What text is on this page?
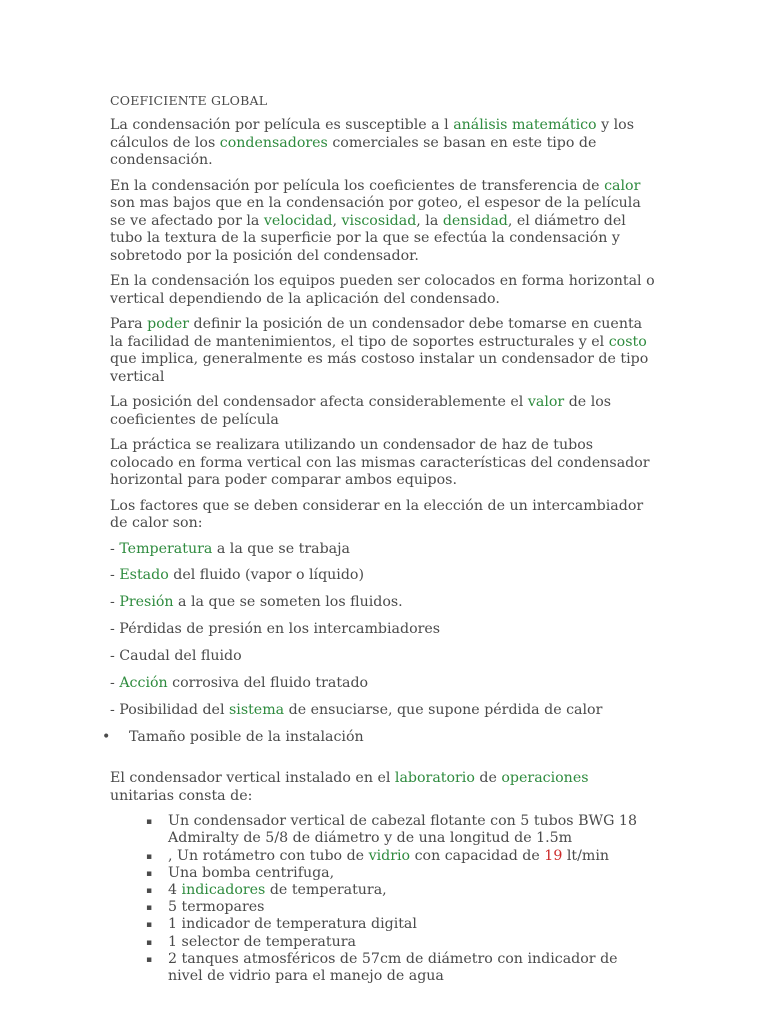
COEFICIENTE GLOBAL
La condensación por película es susceptible a l análisis matemático y los cálculos de los condensadores comerciales se basan en este tipo de condensación.
En la condensación por película los coeficientes de transferencia de calor son mas bajos que en la condensación por goteo, el espesor de la película se ve afectado por la velocidad, viscosidad, la densidad, el diámetro del tubo la textura de la superficie por la que se efectúa la condensación y sobretodo por la posición del condensador.
En la condensación los equipos pueden ser colocados en forma horizontal o vertical dependiendo de la aplicación del condensado.
Para poder definir la posición de un condensador debe tomarse en cuenta la facilidad de mantenimientos, el tipo de soportes estructurales y el costo que implica, generalmente es más costoso instalar un condensador de tipo vertical
La posición del condensador afecta considerablemente el valor de los coeficientes de película
La práctica se realizara utilizando un condensador de haz de tubos colocado en forma vertical con las mismas características del condensador horizontal para poder comparar ambos equipos.
Los factores que se deben considerar en la elección de un intercambiador de calor son:
- Temperatura a la que se trabaja
- Estado del fluido (vapor o líquido)
- Presión a la que se someten los fluidos.
- Pérdidas de presión en los intercambiadores
- Caudal del fluido
- Acción corrosiva del fluido tratado
- Posibilidad del sistema de ensuciarse, que supone pérdida de calor
• Tamaño posible de la instalación
El condensador vertical instalado en el laboratorio de operaciones unitarias consta de:
▪ Un condensador vertical de cabezal flotante con 5 tubos BWG 18 Admiralty de 5/8 de diámetro y de una longitud de 1.5m
▪ , Un rotámetro con tubo de vidrio con capacidad de 19 lt/min
▪ Una bomba centrifuga,
▪ 4 indicadores de temperatura,
▪ 5 termopares
▪ 1 indicador de temperatura digital
▪ 1 selector de temperatura
▪ 2 tanques atmosféricos de 57cm de diámetro con indicador de nivel de vidrio para el manejo de agua
